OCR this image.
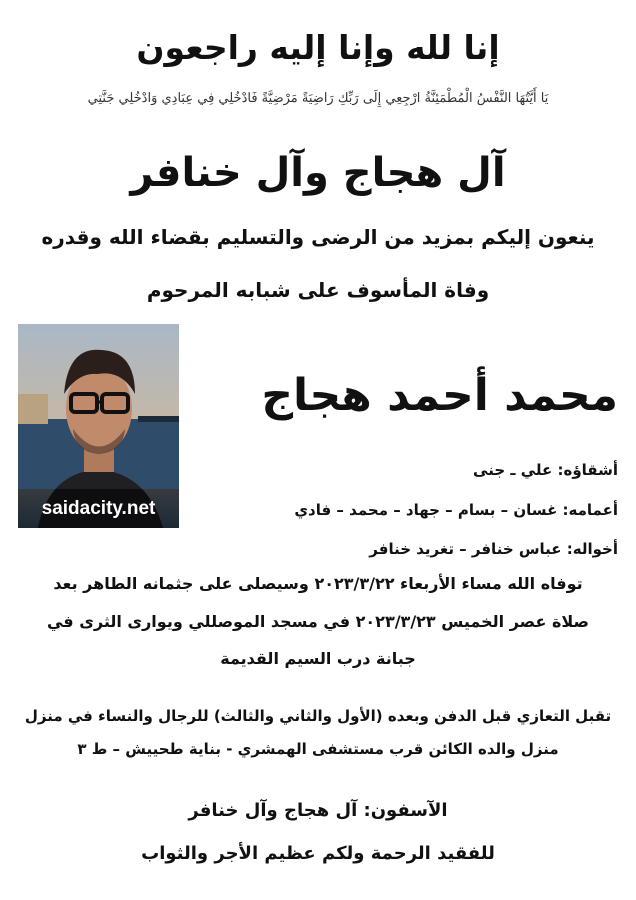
إنا لله وإنا إليه راجعون
يَا أَيَّتُهَا النَّفْسُ الْمُطْمَئِنَّةُ ارْجِعِي إِلَى رَبِّكِ رَاضِيَةً مَرْضِيَّةً فَادْخُلِي فِي عِبَادِي وَادْخُلِي جَنَّتِي
آل هجاج وآل خنافر
ينعون إليكم بمزيد من الرضى والتسليم بقضاء الله وقدره
وفاة المأسوف على شبابه المرحوم
saidacity.net
محمد أحمد هجاج
أشقاؤه: علي ـ جنى
أعمامه: غسان – بسام – جهاد – محمد – فادي
أخواله: عباس خنافر – تغريد خنافر
توفاه الله مساء الأربعاء ٢٠٢٣/٣/٢٢ وسيصلى على جثمانه الطاهر بعد
صلاة عصر الخميس ٢٠٢٣/٣/٢٣ في مسجد الموصللي ويوارى الثرى في
جبانة درب السيم القديمة
تقبل التعازي قبل الدفن وبعده (الأول والثاني والثالث) للرجال والنساء في منزل
منزل والده الكائن قرب مستشفى الهمشري - بناية طحييش – ط ٣
الآسفون: آل هجاج وآل خنافر
للفقيد الرحمة ولكم عظيم الأجر والثواب
